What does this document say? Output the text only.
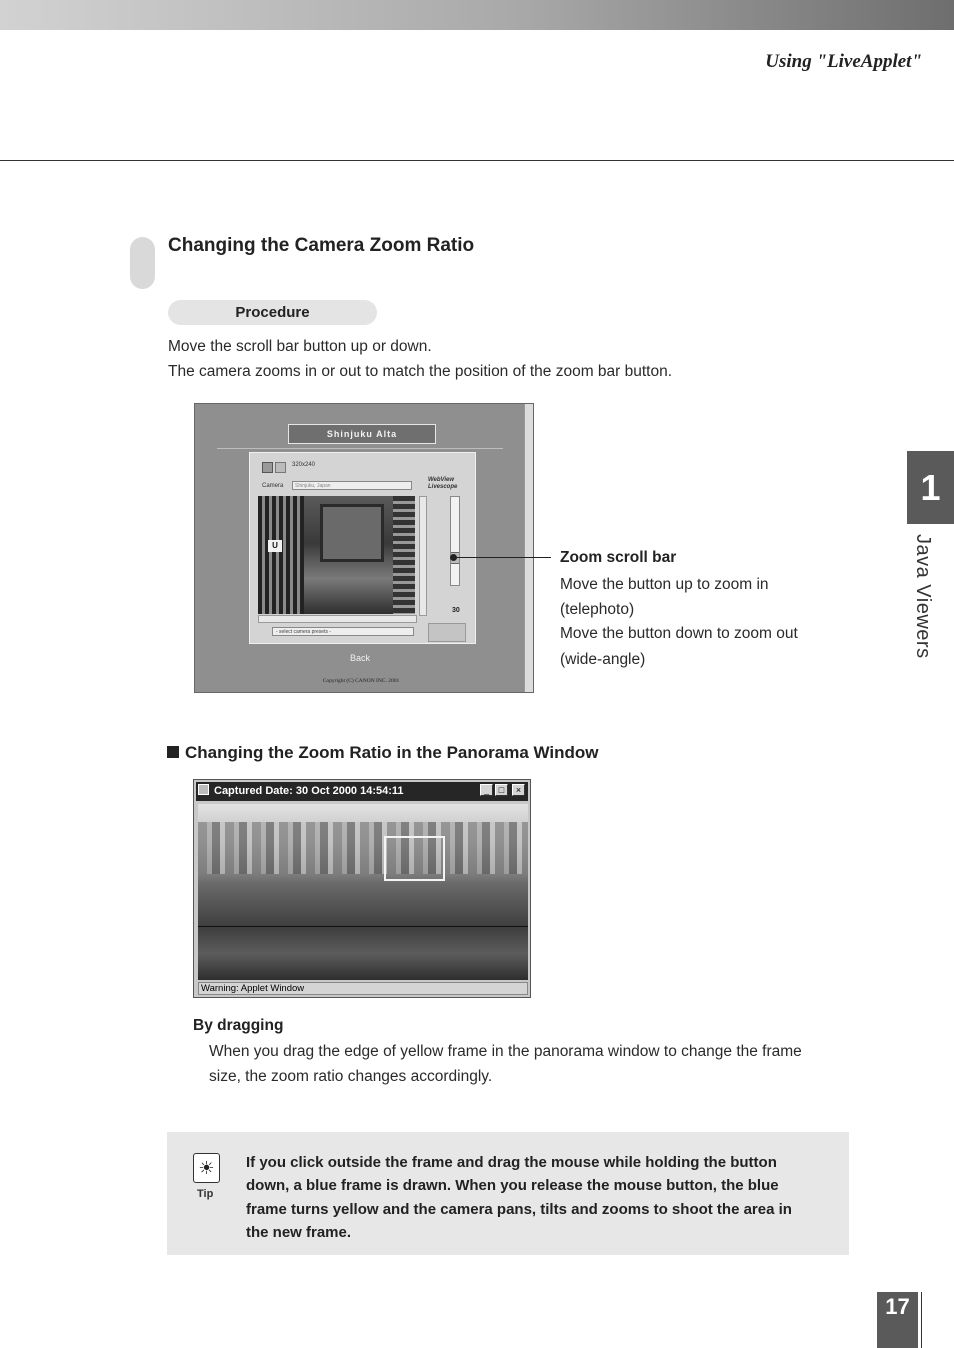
Using "LiveApplet"
Changing the Camera Zoom Ratio
Procedure
Move the scroll bar button up or down.
The camera zooms in or out to match the position of the zoom bar button.
Shinjuku Alta
320x240
Camera	Shinjuku, Japan
WebView Livescope
U
- select camera presets -
30
Back
Copyright (C) CANON INC. 2001
Zoom scroll bar
Move the button up to zoom in
(telephoto)
Move the button down to zoom out
(wide-angle)
1
Java Viewers
Changing the Zoom Ratio in the Panorama Window
Captured Date: 30 Oct 2000 14:54:11	_	□	×
Warning: Applet Window
By dragging
When you drag the edge of yellow frame in the panorama window to change the frame
size, the zoom ratio changes accordingly.
☀
Tip
If you click outside the frame and drag the mouse while holding the button
down, a blue frame is drawn. When you release the mouse button, the blue
frame turns yellow and the camera pans, tilts and zooms to shoot the area in
the new frame.
17
